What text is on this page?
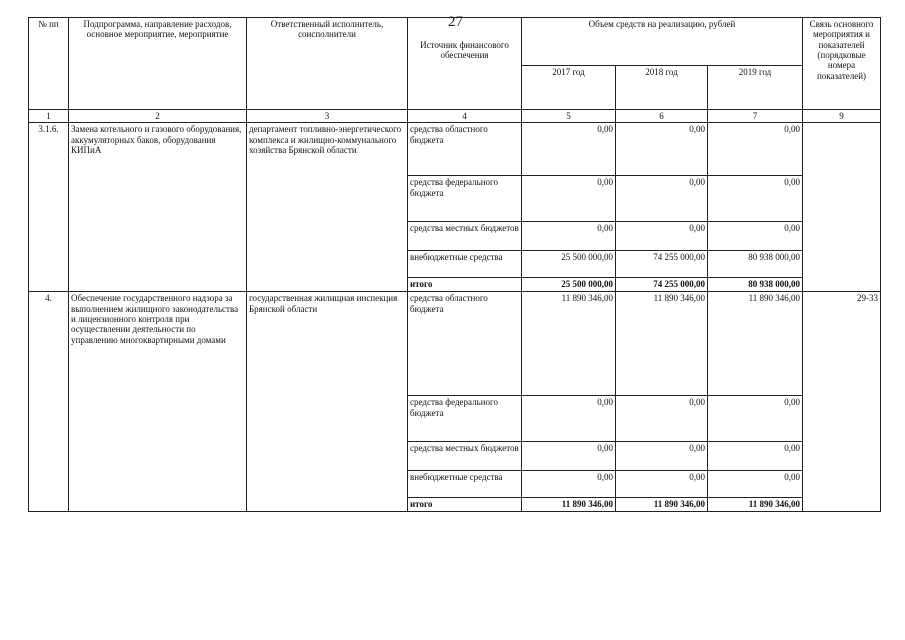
27
№ пп	Подпрограмма, направление расходов, основное мероприятие, мероприятие	Ответственный исполнитель, соисполнители	Источник финансового обеспечения	Объем средств на реализацию, рублей			Связь основного мероприятия и показателей (порядковые номера показателей)
				2017 год	2018 год	2019 год	
1	2	3	4	5	6	7	9
3.1.6.	Замена котельного и газового оборудования, аккумуляторных баков, оборудования КИПиА	департамент топливно-энергетического комплекса и жилищно-коммунального хозяйства Брянской области	средства областного бюджета	0,00	0,00	0,00	
			средства федерального бюджета	0,00	0,00	0,00	
			средства местных бюджетов	0,00	0,00	0,00	
			внебюджетные средства	25 500 000,00	74 255 000,00	80 938 000,00	
			итого	25 500 000,00	74 255 000,00	80 938 000,00	
4.	Обеспечение государственного надзора за выполнением жилищного законодательства и лицензионного контроля при осуществлении деятельности по управлению многоквартирными домами	государственная жилищная инспекция Брянской области	средства областного бюджета	11 890 346,00	11 890 346,00	11 890 346,00	29-33
			средства федерального бюджета	0,00	0,00	0,00	
			средства местных бюджетов	0,00	0,00	0,00	
			внебюджетные средства	0,00	0,00	0,00	
			итого	11 890 346,00	11 890 346,00	11 890 346,00	
